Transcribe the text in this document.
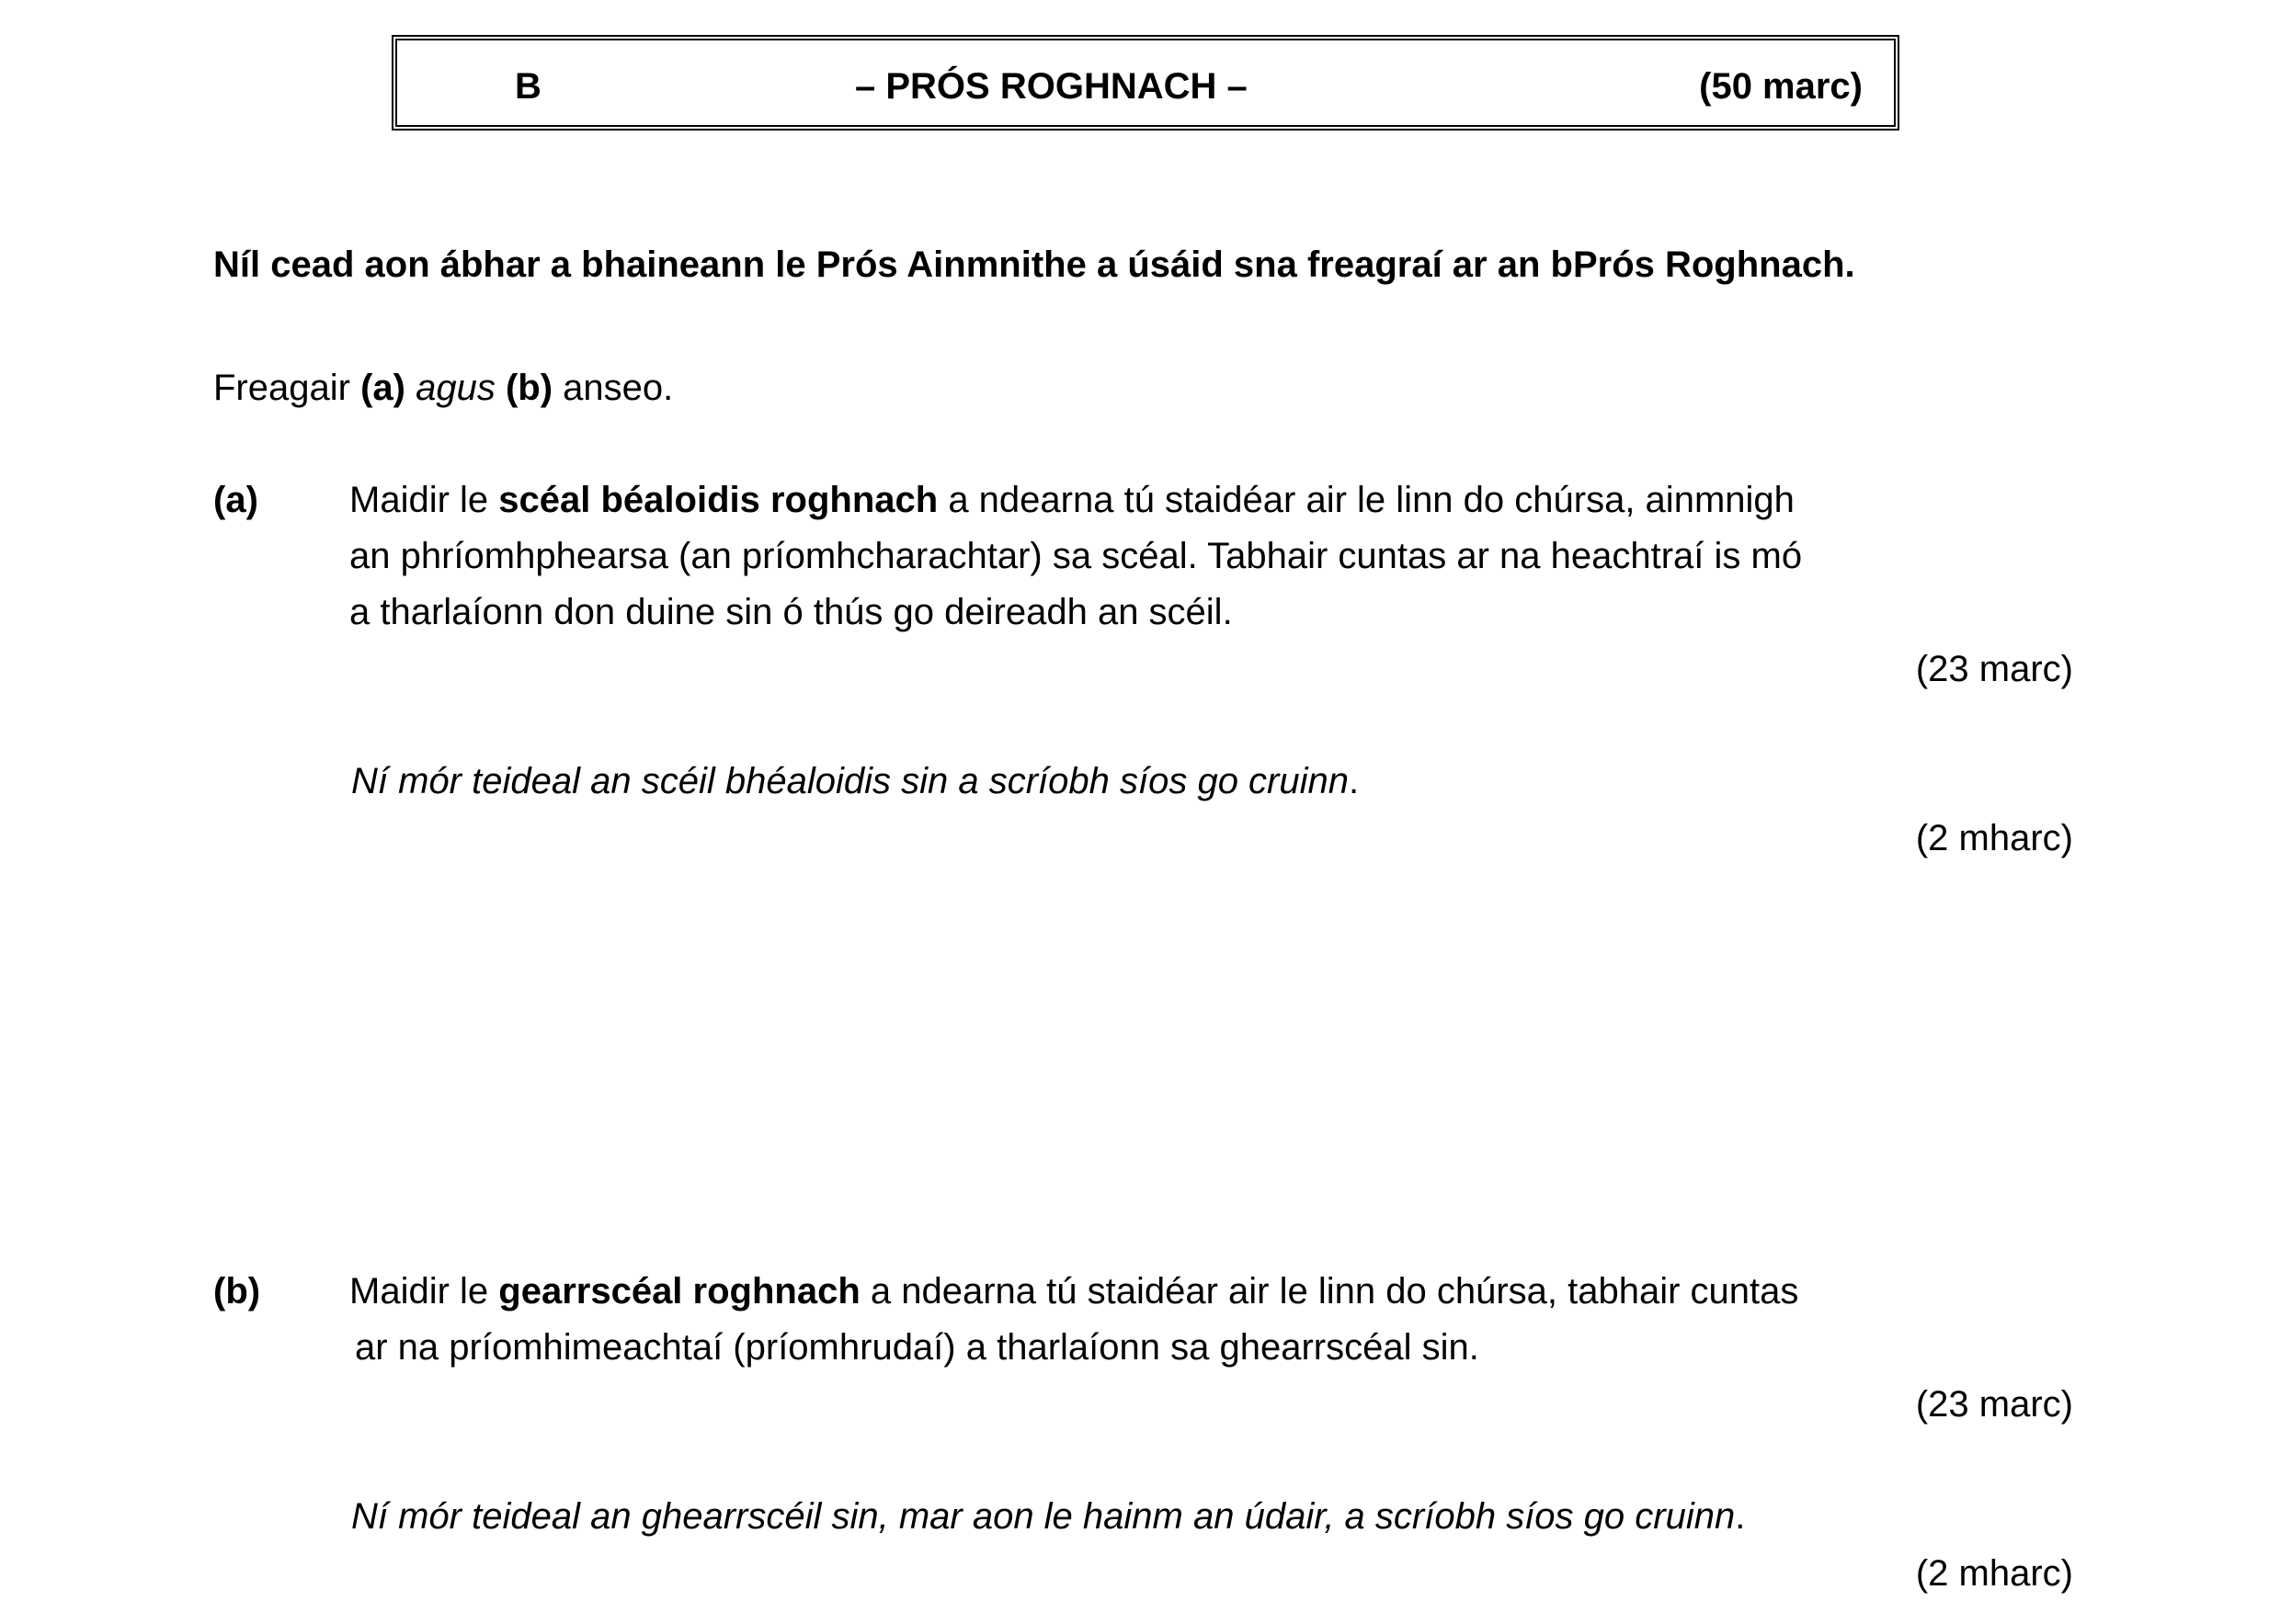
B	– PRÓS ROGHNACH –	(50 marc)
Níl cead aon ábhar a bhaineann le Prós Ainmnithe a úsáid sna freagraí ar an bPrós Roghnach.
Freagair (a) agus (b) anseo.
(a) Maidir le scéal béaloidis roghnach a ndearna tú staidéar air le linn do chúrsa, ainmnigh
an phríomhphearsa (an príomhcharachtar) sa scéal. Tabhair cuntas ar na heachtraí is mó
a tharlaíonn don duine sin ó thús go deireadh an scéil.
(23 marc)
Ní mór teideal an scéil bhéaloidis sin a scríobh síos go cruinn.
(2 mharc)
(b) Maidir le gearrscéal roghnach a ndearna tú staidéar air le linn do chúrsa, tabhair cuntas
ar na príomhimeachtaí (príomhrudaí) a tharlaíonn sa ghearrscéal sin.
(23 marc)
Ní mór teideal an ghearrscéil sin, mar aon le hainm an údair, a scríobh síos go cruinn.
(2 mharc)
